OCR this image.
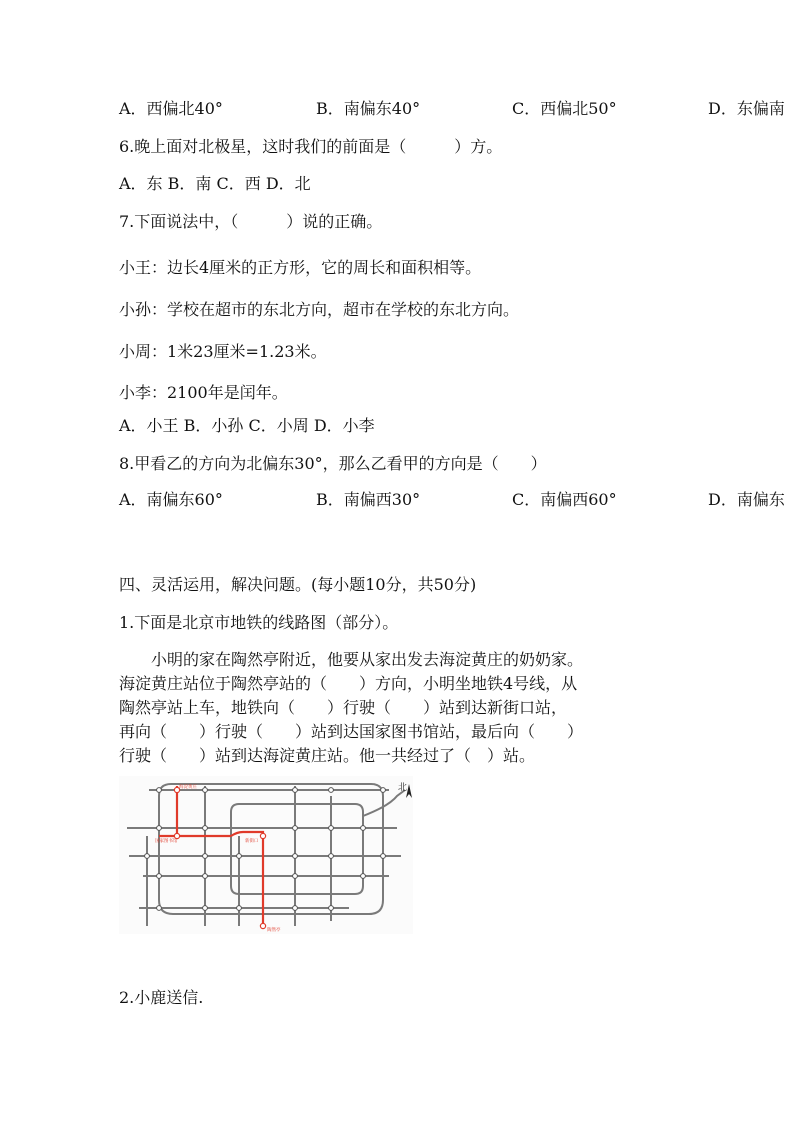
A．西偏北40°	B．南偏东40°	C．西偏北50°	D．东偏南
6.晚上面对北极星，这时我们的前面是（　　　）方。
A．东 B．南 C．西 D．北
7.下面说法中，（　　　）说的正确。
小王：边长4厘米的正方形，它的周长和面积相等。
小孙：学校在超市的东北方向，超市在学校的东北方向。
小周：1米23厘米=1.23米。
小李：2100年是闰年。
A．小王 B．小孙 C．小周 D．小李
8.甲看乙的方向为北偏东30°，那么乙看甲的方向是（　　）
A．南偏东60°	B．南偏西30°	C．南偏西60°	D．南偏东
四、灵活运用，解决问题。(每小题10分，共50分)
1.下面是北京市地铁的线路图（部分）。
　　小明的家在陶然亭附近，他要从家出发去海淀黄庄的奶奶家。
海淀黄庄站位于陶然亭站的（　　）方向，小明坐地铁4号线，从
陶然亭站上车，地铁向（　　）行驶（　　）站到达新街口站，
再向（　　）行驶（　　）站到达国家图书馆站，最后向（　　）
行驶（　　）站到达海淀黄庄站。他一共经过了（　）站。
海淀黄庄
国家图书馆	新街口
陶然亭
北
2.小鹿送信.
